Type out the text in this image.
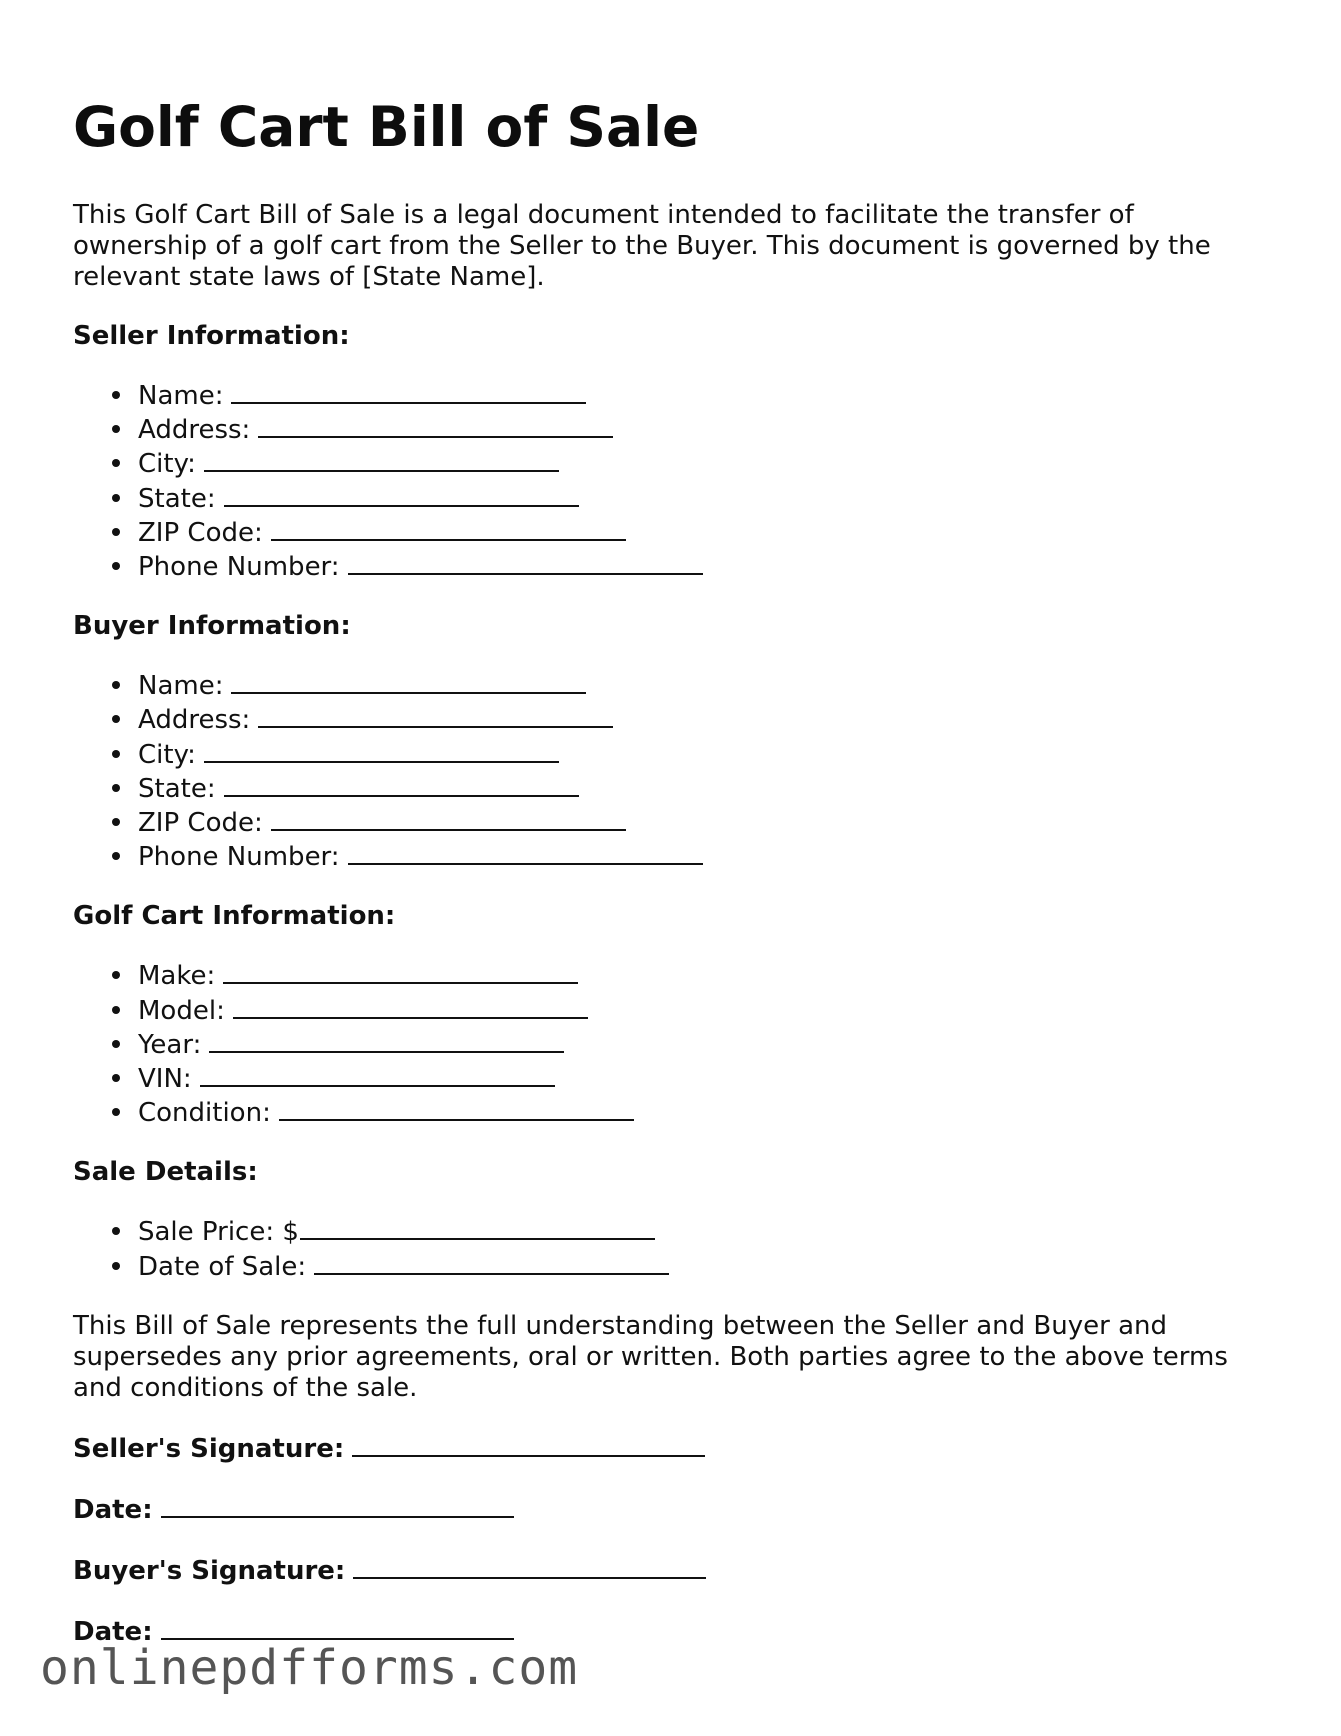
Golf Cart Bill of Sale

This Golf Cart Bill of Sale is a legal document intended to facilitate the transfer of ownership of a golf cart from the Seller to the Buyer. This document is governed by the relevant state laws of [State Name].

Seller Information:
Name:
Address:
City:
State:
ZIP Code:
Phone Number:
Buyer Information:
Name:
Address:
City:
State:
ZIP Code:
Phone Number:
Golf Cart Information:
Make:
Model:
Year:
VIN:
Condition:
Sale Details:
Sale Price: $
Date of Sale:

This Bill of Sale represents the full understanding between the Seller and Buyer and supersedes any prior agreements, oral or written. Both parties agree to the above terms and conditions of the sale.

Seller's Signature:
Date:
Buyer's Signature:
Date:
onlinepdfforms.com
